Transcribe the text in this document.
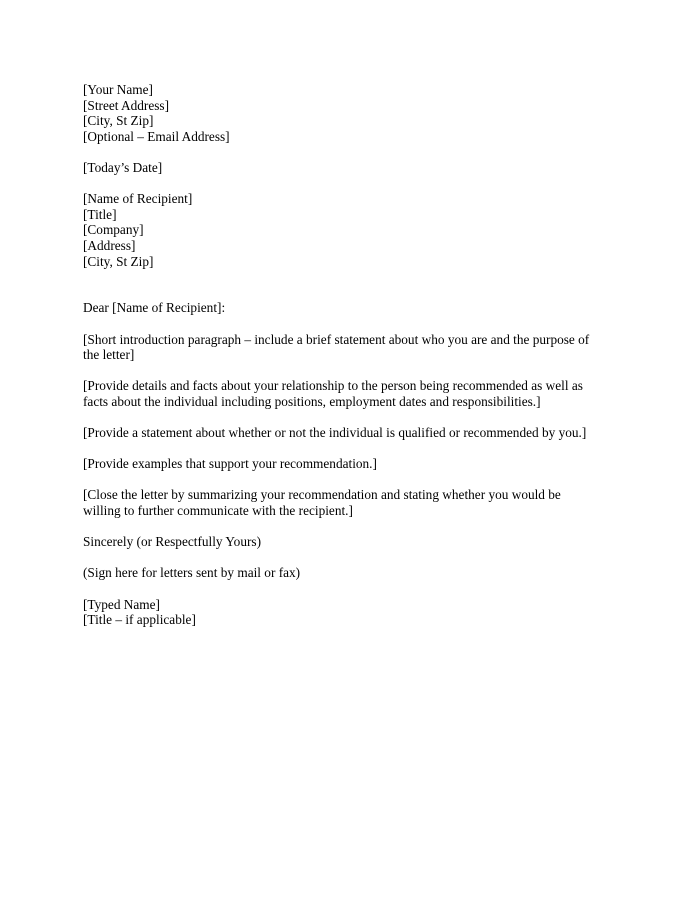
[Your Name]
[Street Address]
[City, St Zip]
[Optional – Email Address]
[Today’s Date]
[Name of Recipient]
[Title]
[Company]
[Address]
[City, St Zip]
Dear [Name of Recipient]:
[Short introduction paragraph – include a brief statement about who you are and the purpose of
the letter]
[Provide details and facts about your relationship to the person being recommended as well as
facts about the individual including positions, employment dates and responsibilities.]
[Provide a statement about whether or not the individual is qualified or recommended by you.]
[Provide examples that support your recommendation.]
[Close the letter by summarizing your recommendation and stating whether you would be
willing to further communicate with the recipient.]
Sincerely (or Respectfully Yours)
(Sign here for letters sent by mail or fax)
[Typed Name]
[Title – if applicable]
